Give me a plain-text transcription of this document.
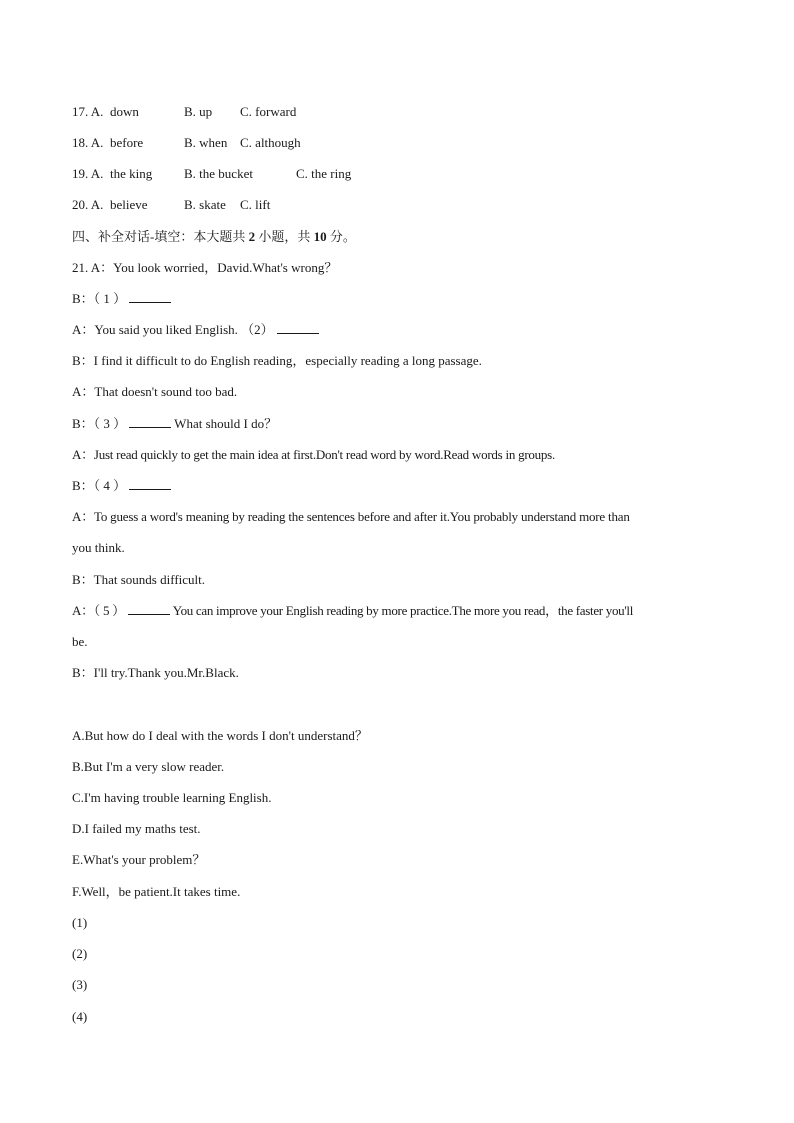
17. A. down	B. up C. forward
18. A. before	B. when C. although
19. A. the king B. the bucket	C. the ring
20. A. believe	B. skate C. lift
四、补全对话-填空：本大题共 2 小题，共 10 分。
21. A：You look worried，David.What's wrong？
B：（ 1 ）
A：You said you liked English. （2）
B：I find it difficult to do English reading，especially reading a long passage.
A：That doesn't sound too bad.
B：（ 3 ）	What should I do？
A：Just read quickly to get the main idea at first.Don't read word by word.Read words in groups.
B：（ 4 ）
A：To guess a word's meaning by reading the sentences before and after it.You probably understand more than
you think.
B：That sounds difficult.
A：（ 5 ）	You can improve your English reading by more practice.The more you read，the faster you'll
be.
B：I'll try.Thank you.Mr.Black.
A.But how do I deal with the words I don't understand？
B.But I'm a very slow reader.
C.I'm having trouble learning English.
D.I failed my maths test.
E.What's your problem？
F.Well，be patient.It takes time.
(1)
(2)
(3)
(4)
